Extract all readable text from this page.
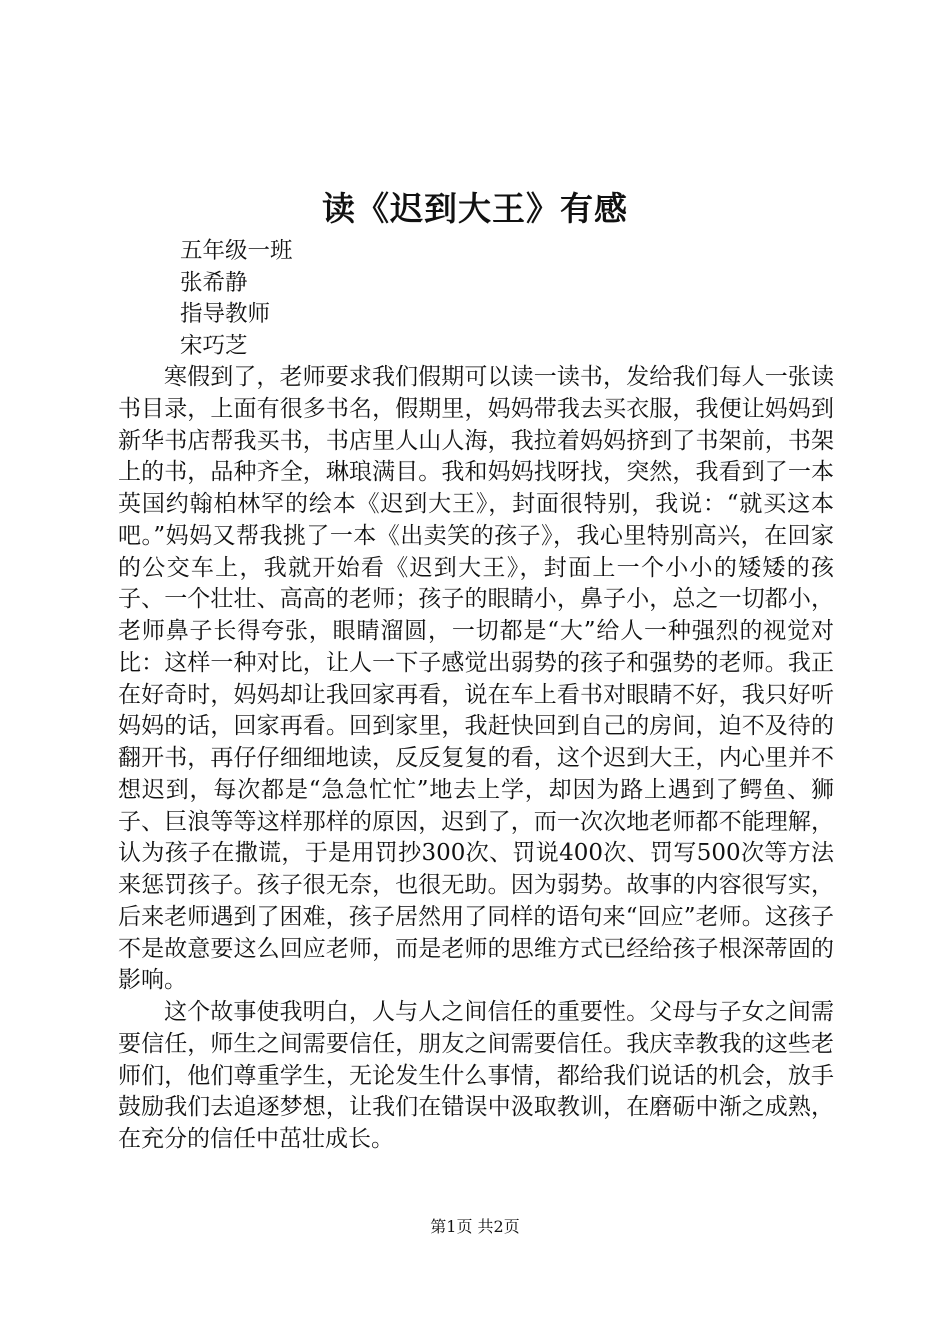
读《迟到大王》有感
五年级一班
张希静
指导教师
宋巧芝

寒假到了，老师要求我们假期可以读一读书，发给我们每人一张读书目录，上面有很多书名，假期里，妈妈带我去买衣服，我便让妈妈到新华书店帮我买书，书店里人山人海，我拉着妈妈挤到了书架前，书架上的书，品种齐全，琳琅满目。我和妈妈找呀找，突然，我看到了一本英国约翰柏林罕的绘本《迟到大王》，封面很特别，我说：“就买这本吧。”妈妈又帮我挑了一本《出卖笑的孩子》，我心里特别高兴，在回家的公交车上，我就开始看《迟到大王》，封面上一个小小的矮矮的孩子、一个壮壮、高高的老师；孩子的眼睛小，鼻子小，总之一切都小，老师鼻子长得夸张，眼睛溜圆，一切都是“大”给人一种强烈的视觉对比：这样一种对比，让人一下子感觉出弱势的孩子和强势的老师。我正在好奇时，妈妈却让我回家再看，说在车上看书对眼睛不好，我只好听妈妈的话，回家再看。回到家里，我赶快回到自己的房间，迫不及待的翻开书，再仔仔细细地读，反反复复的看，这个迟到大王，内心里并不想迟到，每次都是“急急忙忙”地去上学，却因为路上遇到了鳄鱼、狮子、巨浪等等这样那样的原因，迟到了，而一次次地老师都不能理解，认为孩子在撒谎，于是用罚抄300次、罚说400次、罚写500次等方法来惩罚孩子。孩子很无奈，也很无助。因为弱势。故事的内容很写实，后来老师遇到了困难，孩子居然用了同样的语句来“回应”老师。这孩子不是故意要这么回应老师，而是老师的思维方式已经给孩子根深蒂固的影响。

这个故事使我明白，人与人之间信任的重要性。父母与子女之间需要信任，师生之间需要信任，朋友之间需要信任。我庆幸教我的这些老师们，他们尊重学生，无论发生什么事情，都给我们说话的机会，放手鼓励我们去追逐梦想，让我们在错误中汲取教训，在磨砺中渐之成熟，在充分的信任中茁壮成长。

第1页 共2页
